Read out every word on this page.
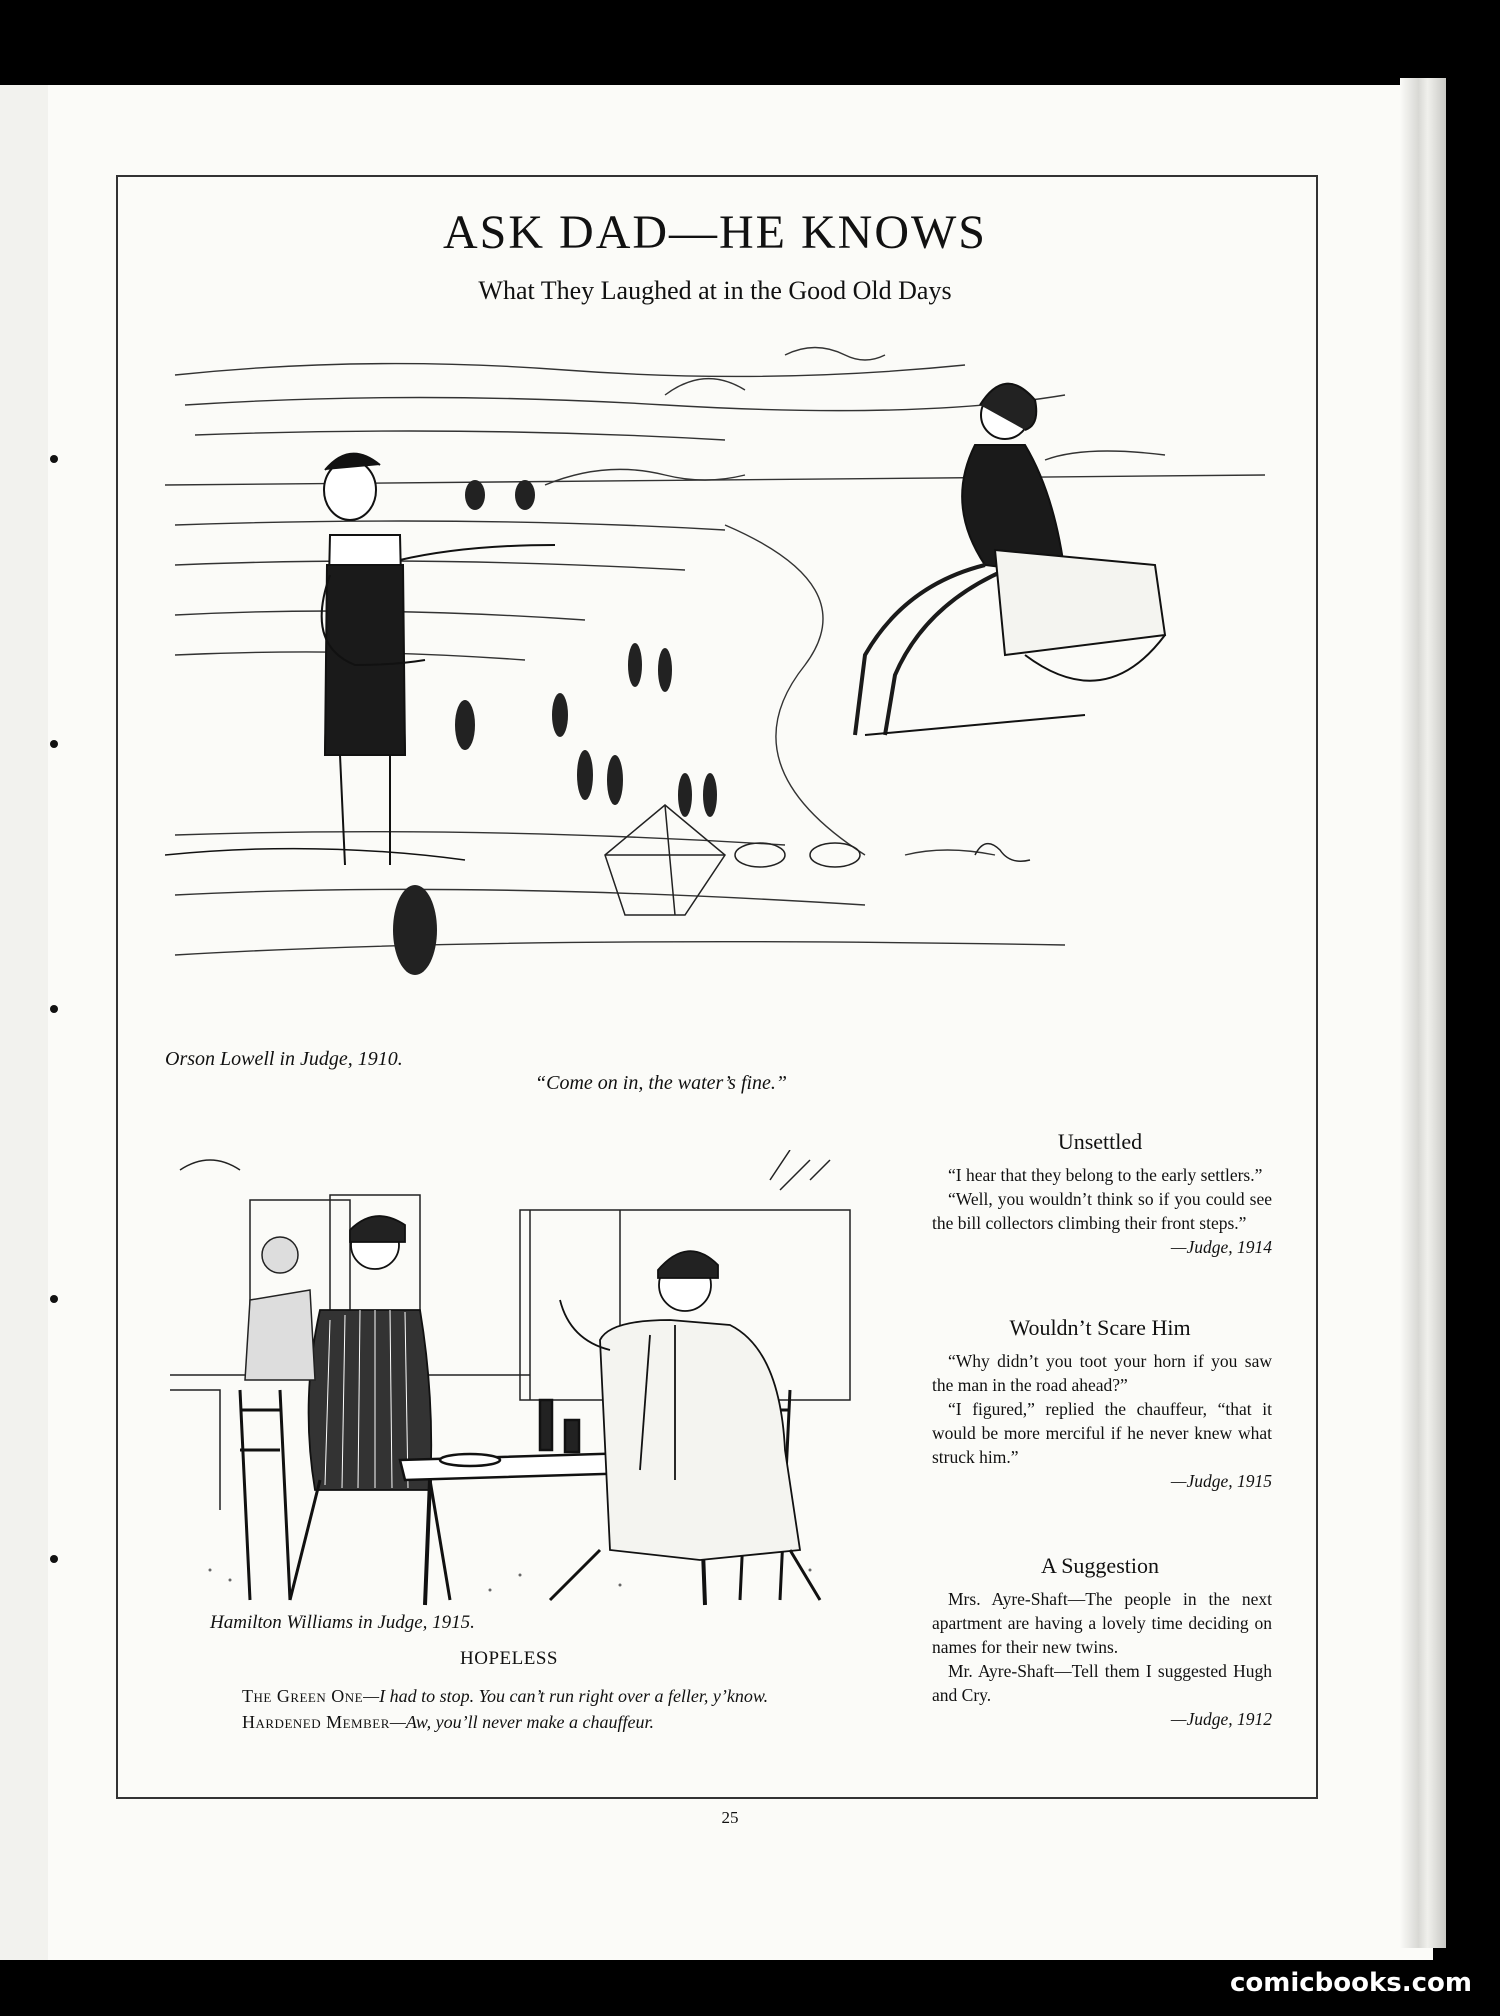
ASK DAD—HE KNOWS
What They Laughed at in the Good Old Days
Orson Lowell in Judge, 1910.
“Come on in, the water’s fine.”
Hamilton Williams in Judge, 1915.
HOPELESS

The Green One—I had to stop. You can’t run right over a feller, y’know.

Hardened Member—Aw, you’ll never make a chauffeur.

Unsettled

“I hear that they belong to the early settlers.”

“Well, you wouldn’t think so if you could see the bill collectors climbing their front steps.”

—Judge, 1914
Wouldn’t Scare Him

“Why didn’t you toot your horn if you saw the man in the road ahead?”

“I figured,” replied the chauffeur, “that it would be more merciful if he never knew what struck him.”

—Judge, 1915
A Suggestion

Mrs. Ayre-Shaft—The people in the next apartment are having a lovely time deciding on names for their new twins.

Mr. Ayre-Shaft—Tell them I suggested Hugh and Cry.

—Judge, 1912
25
comicbooks.com
